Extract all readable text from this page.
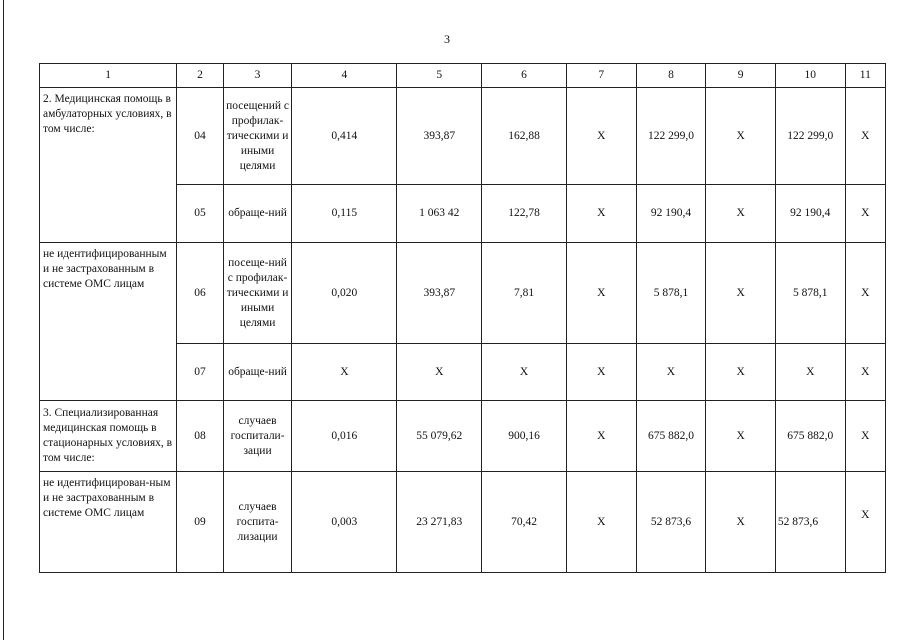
3
1	2	3	4	5	6	7	8	9	10	11
2. Медицинская помощь в амбулаторных условиях, в том числе:	04	посещений с профилак-тическими и иными целями	0,414	393,87	162,88	X	122 299,0	X	122 299,0	X
	05	обраще-ний	0,115	1 063 42	122,78	X	92 190,4	X	92 190,4	X
не идентифицированным и не застрахованным в системе ОМС лицам	06	посеще-ний с профилак-тическими и иными целями	0,020	393,87	7,81	X	5 878,1	X	5 878,1	X
	07	обраще-ний	X	X	X	X	X	X	X	X
3. Специализированная медицинская помощь в стационарных условиях, в том числе:	08	случаев госпитали-зации	0,016	55 079,62	900,16	X	675 882,0	X	675 882,0	X
не идентифицирован-ным и не застрахованным в системе ОМС лицам	09	случаев госпита-лизации	0,003	23 271,83	70,42	X	52 873,6	X	52 873,6	X
